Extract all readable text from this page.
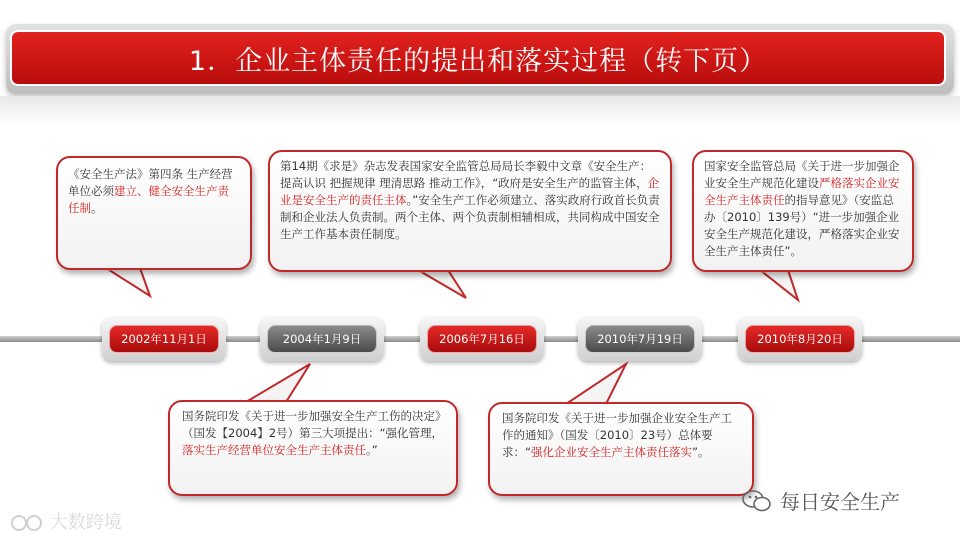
1．企业主体责任的提出和落实过程（转下页）
《安全生产法》第四条 生产经营单位必须建立、健全安全生产责任制。
第14期《求是》杂志发表国家安全监管总局局长李毅中文章《安全生产：提高认识 把握规律 理清思路 推动工作》，“政府是安全生产的监管主体，企业是安全生产的责任主体。”安全生产工作必须建立、落实政府行政首长负责制和企业法人负责制。两个主体、两个负责制相辅相成，共同构成中国安全生产工作基本责任制度。
国家安全监管总局《关于进一步加强企业安全生产规范化建设严格落实企业安全生产主体责任的指导意见》（安监总办〔2010〕139号）“进一步加强企业安全生产规范化建设，严格落实企业安全生产主体责任”。
国务院印发《关于进一步加强安全生产工伤的决定》（国发【2004】2号）第三大项提出：“强化管理，落实生产经营单位安全生产主体责任。”
国务院印发《关于进一步加强企业安全生产工作的通知》（国发〔2010〕23号）总体要求：“强化企业安全生产主体责任落实”。
2002年11月1日	2004年1月9日	2006年7月16日	2010年7月19日	2010年8月20日
大数跨境
每日安全生产
